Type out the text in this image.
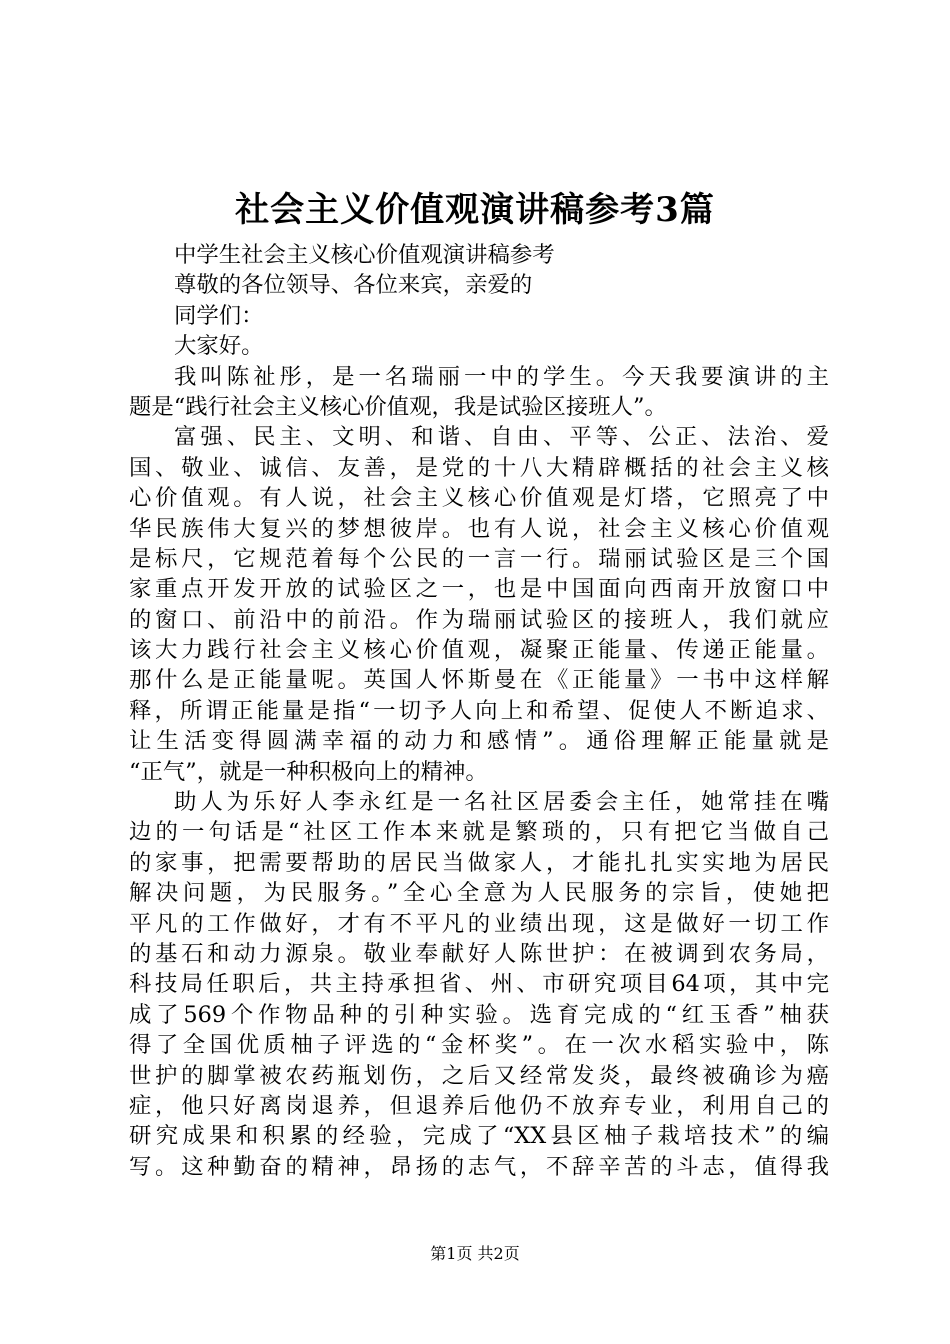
社会主义价值观演讲稿参考3篇
中学生社会主义核心价值观演讲稿参考
尊敬的各位领导、各位来宾，亲爱的
同学们：
大家好。
我叫陈祉彤，是一名瑞丽一中的学生。今天我要演讲的主
题是“践行社会主义核心价值观，我是试验区接班人”。
富强、民主、文明、和谐、自由、平等、公正、法治、爱
国、敬业、诚信、友善，是党的十八大精辟概括的社会主义核
心价值观。有人说，社会主义核心价值观是灯塔，它照亮了中
华民族伟大复兴的梦想彼岸。也有人说，社会主义核心价值观
是标尺，它规范着每个公民的一言一行。瑞丽试验区是三个国
家重点开发开放的试验区之一，也是中国面向西南开放窗口中
的窗口、前沿中的前沿。作为瑞丽试验区的接班人，我们就应
该大力践行社会主义核心价值观，凝聚正能量、传递正能量。
那什么是正能量呢。英国人怀斯曼在《正能量》一书中这样解
释，所谓正能量是指“一切予人向上和希望、促使人不断追求、
让生活变得圆满幸福的动力和感情”。通俗理解正能量就是
“正气”，就是一种积极向上的精神。
助人为乐好人李永红是一名社区居委会主任，她常挂在嘴
边的一句话是“社区工作本来就是繁琐的，只有把它当做自己
的家事，把需要帮助的居民当做家人，才能扎扎实实地为居民
解决问题，为民服务。”全心全意为人民服务的宗旨，使她把
平凡的工作做好，才有不平凡的业绩出现，这是做好一切工作
的基石和动力源泉。敬业奉献好人陈世护：在被调到农务局，
科技局任职后，共主持承担省、州、市研究项目64项，其中完
成了569个作物品种的引种实验。选育完成的“红玉香”柚获
得了全国优质柚子评选的“金杯奖”。在一次水稻实验中，陈
世护的脚掌被农药瓶划伤，之后又经常发炎，最终被确诊为癌
症，他只好离岗退养，但退养后他仍不放弃专业，利用自己的
研究成果和积累的经验，完成了“XX县区柚子栽培技术”的编
写。这种勤奋的精神，昂扬的志气，不辞辛苦的斗志，值得我
第1页 共2页
